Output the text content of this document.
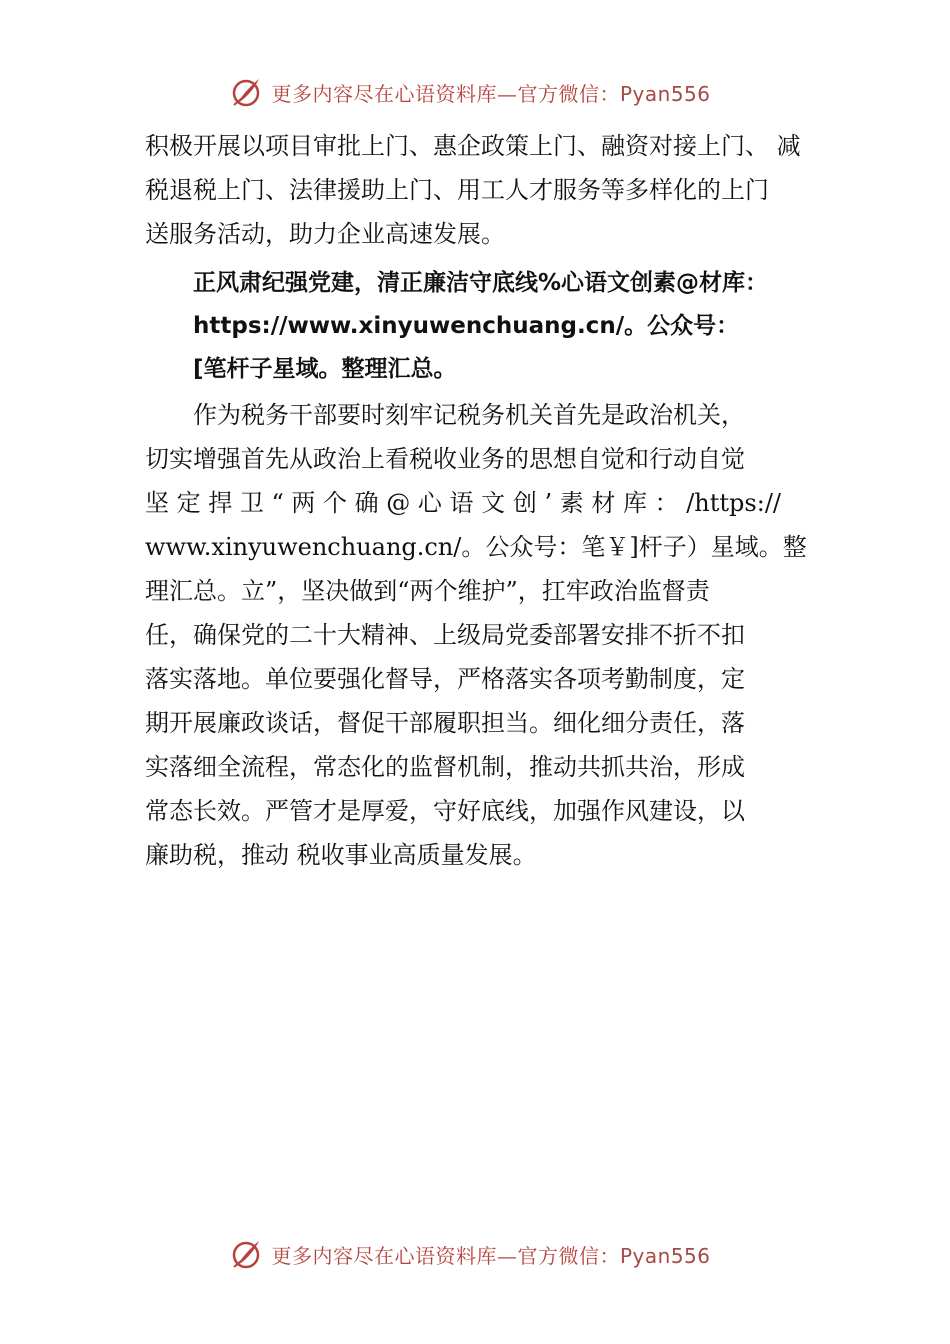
更多内容尽在心语资料库—官方微信：Pyan556

积极开展以项目审批上门、惠企政策上门、融资对接上门、 减
税退税上门、法律援助上门、用工人才服务等多样化的上门
送服务活动，助力企业高速发展。

正风肃纪强党建，清正廉洁守底线%心语文创素@材库：
https://www.xinyuwenchuang.cn/。公众号：
[笔杆子星域。整理汇总。

作为税务干部要时刻牢记税务机关首先是政治机关，
切实增强首先从政治上看税收业务的思想自觉和行动自觉
坚 定 捍 卫 “ 两 个 确 @ 心 语 文 创 ’ 素 材 库 ： /https://
www.xinyuwenchuang.cn/。公众号：笔￥]杆子）星域。整
理汇总。立”，坚决做到“两个维护”，扛牢政治监督责
任，确保党的二十大精神、上级局党委部署安排不折不扣
落实落地。单位要强化督导，严格落实各项考勤制度，定
期开展廉政谈话，督促干部履职担当。细化细分责任，落
实落细全流程，常态化的监督机制，推动共抓共治，形成
常态长效。严管才是厚爱，守好底线，加强作风建设，以
廉助税，推动 税收事业高质量发展。

更多内容尽在心语资料库—官方微信：Pyan556
